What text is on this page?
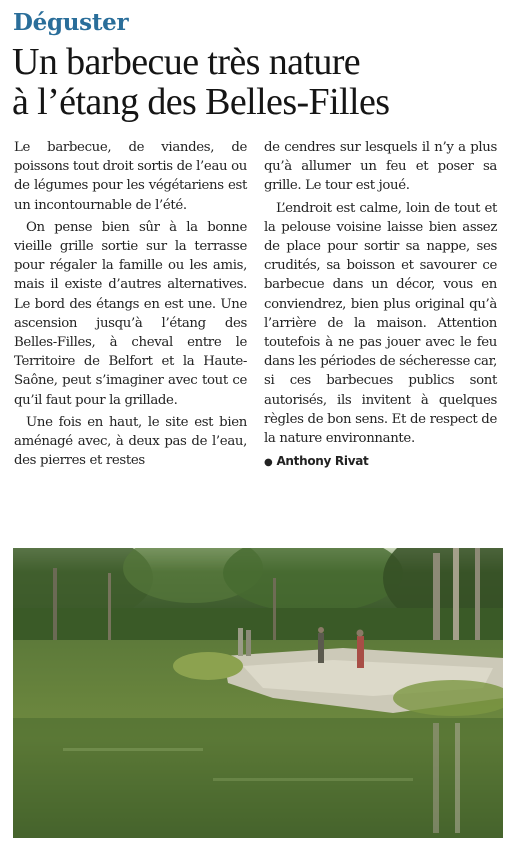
Déguster
Un barbecue très nature
à l’étang des Belles-Filles

Le barbecue, de viandes, de poissons tout droit sortis de l’eau ou de légumes pour les végétariens est un incontournable de l’été.

On pense bien sûr à la bonne vieille grille sortie sur la terrasse pour régaler la famille ou les amis, mais il existe d’autres alternatives. Le bord des étangs en est une. Une ascension jusqu’à l’étang des Belles-Filles, à cheval entre le Territoire de Belfort et la Haute-Saône, peut s’imaginer avec tout ce qu’il faut pour la grillade.

Une fois en haut, le site est bien aménagé avec, à deux pas de l’eau, des pierres et restes

de cendres sur lesquels il n’y a plus qu’à allumer un feu et poser sa grille. Le tour est joué.

L’endroit est calme, loin de tout et la pelouse voisine laisse bien assez de place pour sortir sa nappe, ses crudités, sa boisson et savourer ce barbecue dans un décor, vous en conviendrez, bien plus original qu’à l’arrière de la maison. Attention toutefois à ne pas jouer avec le feu dans les périodes de sécheresse car, si ces barbecues publics sont autorisés, ils invitent à quelques règles de bon sens. Et de respect de la nature environnante.

● Anthony Rivat
